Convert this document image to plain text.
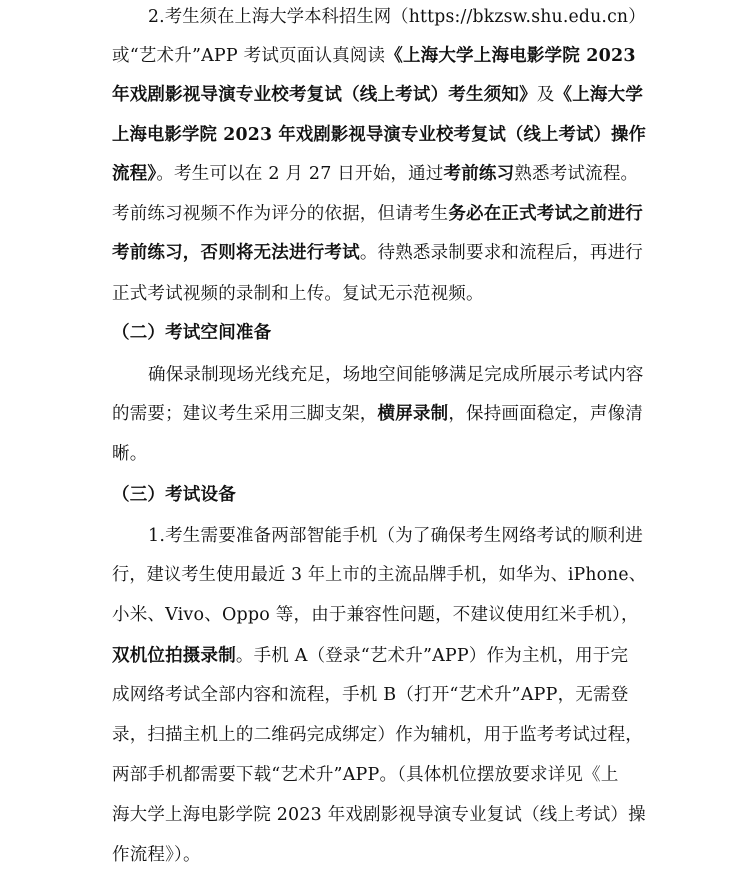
2.考生须在上海大学本科招生网（https://bkzsw.shu.edu.cn）
或“艺术升”APP 考试页面认真阅读《上海大学上海电影学院 2023
年戏剧影视导演专业校考复试（线上考试）考生须知》及《上海大学
上海电影学院 2023 年戏剧影视导演专业校考复试（线上考试）操作
流程》。考生可以在 2 月 27 日开始，通过考前练习熟悉考试流程。
考前练习视频不作为评分的依据，但请考生务必在正式考试之前进行
考前练习，否则将无法进行考试。待熟悉录制要求和流程后，再进行
正式考试视频的录制和上传。复试无示范视频。
（二）考试空间准备
确保录制现场光线充足，场地空间能够满足完成所展示考试内容
的需要；建议考生采用三脚支架，横屏录制，保持画面稳定，声像清
晰。
（三）考试设备
1.考生需要准备两部智能手机（为了确保考生网络考试的顺利进
行，建议考生使用最近 3 年上市的主流品牌手机，如华为、iPhone、
小米、Vivo、Oppo 等，由于兼容性问题，不建议使用红米手机），
双机位拍摄录制。手机 A（登录“艺术升”APP）作为主机，用于完
成网络考试全部内容和流程，手机 B（打开“艺术升”APP，无需登
录，扫描主机上的二维码完成绑定）作为辅机，用于监考考试过程，
两部手机都需要下载“艺术升”APP。（具体机位摆放要求详见《上
海大学上海电影学院 2023 年戏剧影视导演专业复试（线上考试）操
作流程》）。
